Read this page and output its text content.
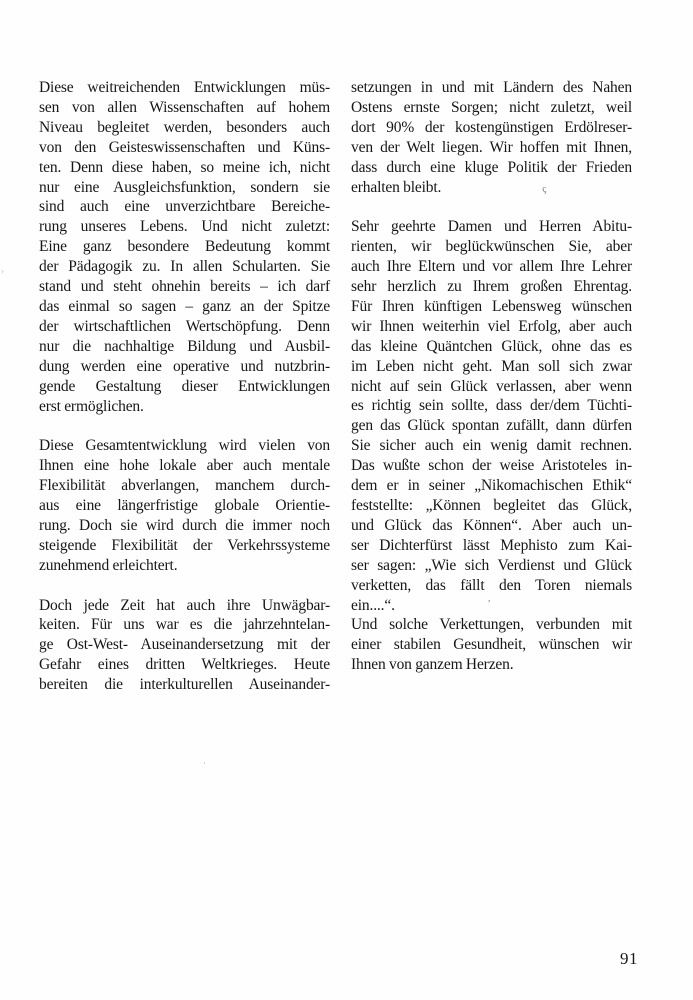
Diese weitreichenden Entwicklungen müs-
sen von allen Wissenschaften auf hohem
Niveau begleitet werden, besonders auch
von den Geisteswissenschaften und Küns-
ten. Denn diese haben, so meine ich, nicht
nur eine Ausgleichsfunktion, sondern sie
sind auch eine unverzichtbare Bereiche-
rung unseres Lebens. Und nicht zuletzt:
Eine ganz besondere Bedeutung kommt
der Pädagogik zu. In allen Schularten. Sie
stand und steht ohnehin bereits – ich darf
das einmal so sagen – ganz an der Spitze
der wirtschaftlichen Wertschöpfung. Denn
nur die nachhaltige Bildung und Ausbil-
dung werden eine operative und nutzbrin-
gende Gestaltung dieser Entwicklungen
erst ermöglichen.
Diese Gesamtentwicklung wird vielen von
Ihnen eine hohe lokale aber auch mentale
Flexibilität abverlangen, manchem durch-
aus eine längerfristige globale Orientie-
rung. Doch sie wird durch die immer noch
steigende Flexibilität der Verkehrssysteme
zunehmend erleichtert.
Doch jede Zeit hat auch ihre Unwägbar-
keiten. Für uns war es die jahrzehntelan-
ge Ost-West- Auseinandersetzung mit der
Gefahr eines dritten Weltkrieges. Heute
bereiten die interkulturellen Auseinander-
setzungen in und mit Ländern des Nahen
Ostens ernste Sorgen; nicht zuletzt, weil
dort 90% der kostengünstigen Erdölreser-
ven der Welt liegen. Wir hoffen mit Ihnen,
dass durch eine kluge Politik der Frieden
erhalten bleibt.
Sehr geehrte Damen und Herren Abitu-
rienten, wir beglückwünschen Sie, aber
auch Ihre Eltern und vor allem Ihre Lehrer
sehr herzlich zu Ihrem großen Ehrentag.
Für Ihren künftigen Lebensweg wünschen
wir Ihnen weiterhin viel Erfolg, aber auch
das kleine Quäntchen Glück, ohne das es
im Leben nicht geht. Man soll sich zwar
nicht auf sein Glück verlassen, aber wenn
es richtig sein sollte, dass der/dem Tüchti-
gen das Glück spontan zufällt, dann dürfen
Sie sicher auch ein wenig damit rechnen.
Das wußte schon der weise Aristoteles in-
dem er in seiner „Nikomachischen Ethik“
feststellte: „Können begleitet das Glück,
und Glück das Können“. Aber auch un-
ser Dichterfürst lässt Mephisto zum Kai-
ser sagen: „Wie sich Verdienst und Glück
verketten, das fällt den Toren niemals
ein....“.
Und solche Verkettungen, verbunden mit
einer stabilen Gesundheit, wünschen wir
Ihnen von ganzem Herzen.
91
ç
,
·
›
